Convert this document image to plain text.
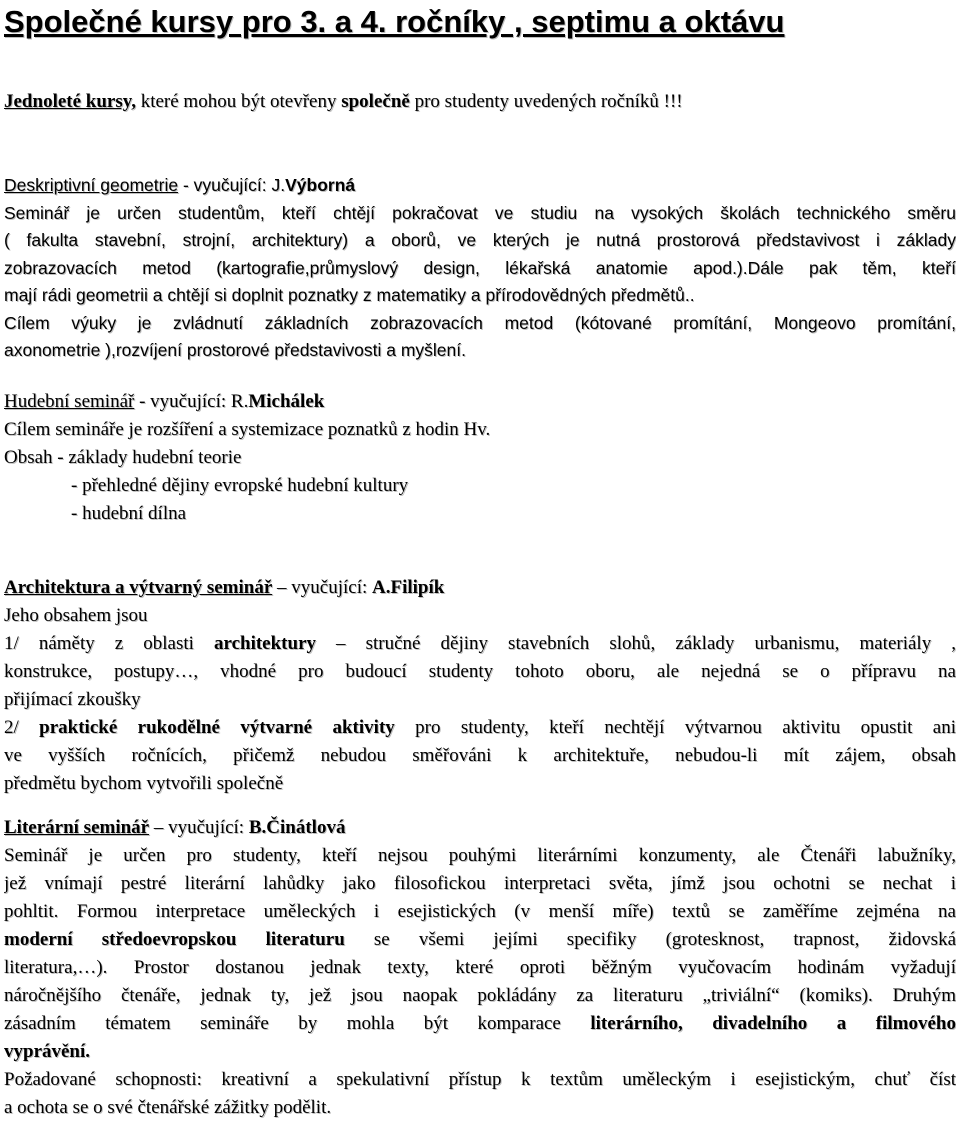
Společné kursy pro 3. a 4. ročníky , septimu a oktávu
Jednoleté kursy, které mohou být otevřeny společně pro studenty uvedených ročníků !!!
Deskriptivní geometrie - vyučující: J.Výborná
Seminář je určen studentům, kteří chtějí pokračovat ve studiu na vysokých školách technického směru
( fakulta stavební, strojní, architektury) a oborů, ve kterých je nutná prostorová představivost i základy
zobrazovacích metod (kartografie,průmyslový design, lékařská anatomie apod.).Dále pak těm, kteří
mají rádi geometrii a chtějí si doplnit poznatky z matematiky a přírodovědných předmětů..
Cílem výuky je zvládnutí základních zobrazovacích metod (kótované promítání, Mongeovo promítání,
axonometrie ),rozvíjení prostorové představivosti a myšlení.
Hudební seminář - vyučující: R.Michálek
Cílem semináře je rozšíření a systemizace poznatků z hodin Hv.
Obsah - základy hudební teorie
- přehledné dějiny evropské hudební kultury
- hudební dílna
Architektura a výtvarný seminář – vyučující: A.Filipík
Jeho obsahem jsou
1/ náměty z oblasti architektury – stručné dějiny stavebních slohů, základy urbanismu, materiály ,
konstrukce, postupy…, vhodné pro budoucí studenty tohoto oboru, ale nejedná se o přípravu na
přijímací zkoušky
2/ praktické rukodělné výtvarné aktivity pro studenty, kteří nechtějí výtvarnou aktivitu opustit ani
ve vyšších ročnících, přičemž nebudou směřováni k architektuře, nebudou-li mít zájem, obsah
předmětu bychom vytvořili společně
Literární seminář – vyučující: B.Činátlová
Seminář je určen pro studenty, kteří nejsou pouhými literárními konzumenty, ale Čtenáři labužníky,
jež vnímají pestré literární lahůdky jako filosofickou interpretaci světa, jímž jsou ochotni se nechat i
pohltit. Formou interpretace uměleckých i esejistických (v menší míře) textů se zaměříme zejména na
moderní středoevropskou literaturu se všemi jejími specifiky (grotesknost, trapnost, židovská
literatura,…). Prostor dostanou jednak texty, které oproti běžným vyučovacím hodinám vyžadují
náročnějšího čtenáře, jednak ty, jež jsou naopak pokládány za literaturu „triviální“ (komiks). Druhým
zásadním tématem semináře by mohla být komparace literárního, divadelního a filmového
vyprávění.
Požadované schopnosti: kreativní a spekulativní přístup k textům uměleckým i esejistickým, chuť číst
a ochota se o své čtenářské zážitky podělit.
